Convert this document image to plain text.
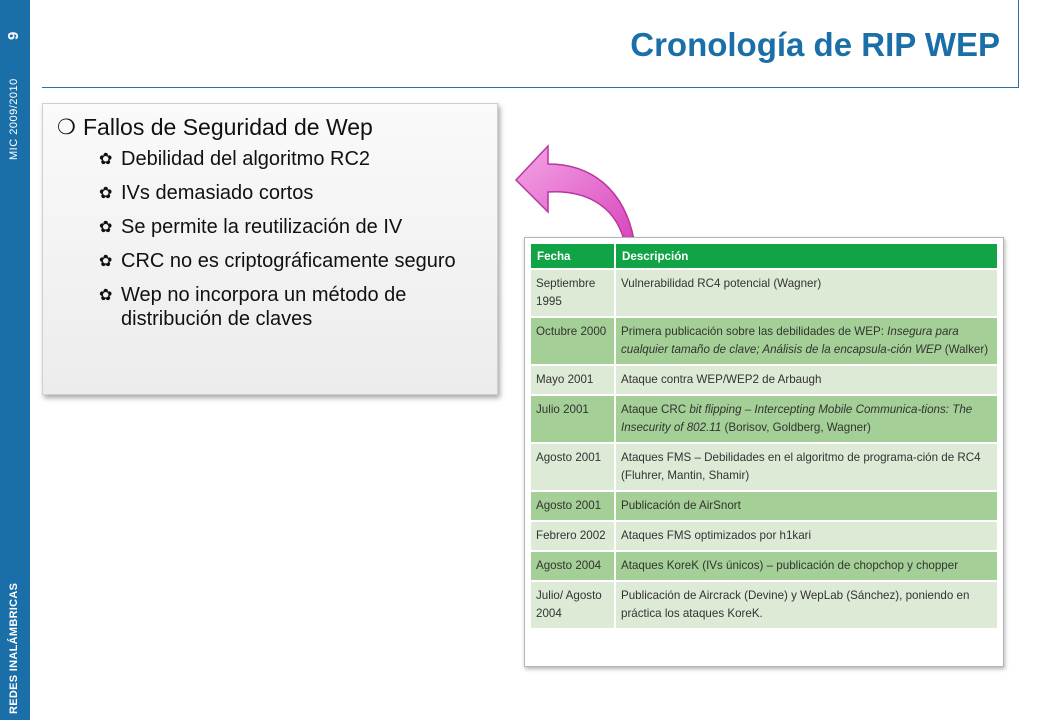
9
MIC 2009/2010
REDES INALÁMBRICAS
Cronología de RIP WEP
❍ Fallos de Seguridad de Wep
✿ Debilidad del algoritmo RC2
✿ IVs demasiado cortos
✿ Se permite la reutilización de IV
✿ CRC no es criptográficamente seguro
✿ Wep no incorpora un método de distribución de claves
Fecha	Descripción
Septiembre 1995	Vulnerabilidad RC4 potencial (Wagner)
Octubre 2000	Primera publicación sobre las debilidades de WEP: Insegura para cualquier tamaño de clave; Análisis de la encapsula-ción WEP (Walker)
Mayo 2001	Ataque contra WEP/WEP2 de Arbaugh
Julio 2001	Ataque CRC bit flipping – Intercepting Mobile Communica-tions: The Insecurity of 802.11 (Borisov, Goldberg, Wagner)
Agosto 2001	Ataques FMS – Debilidades en el algoritmo de programa-ción de RC4 (Fluhrer, Mantin, Shamir)
Agosto 2001	Publicación de AirSnort
Febrero 2002	Ataques FMS optimizados por h1kari
Agosto 2004	Ataques KoreK (IVs únicos) – publicación de chopchop y chopper
Julio/ Agosto 2004	Publicación de Aircrack (Devine) y WepLab (Sánchez), poniendo en práctica los ataques KoreK.
